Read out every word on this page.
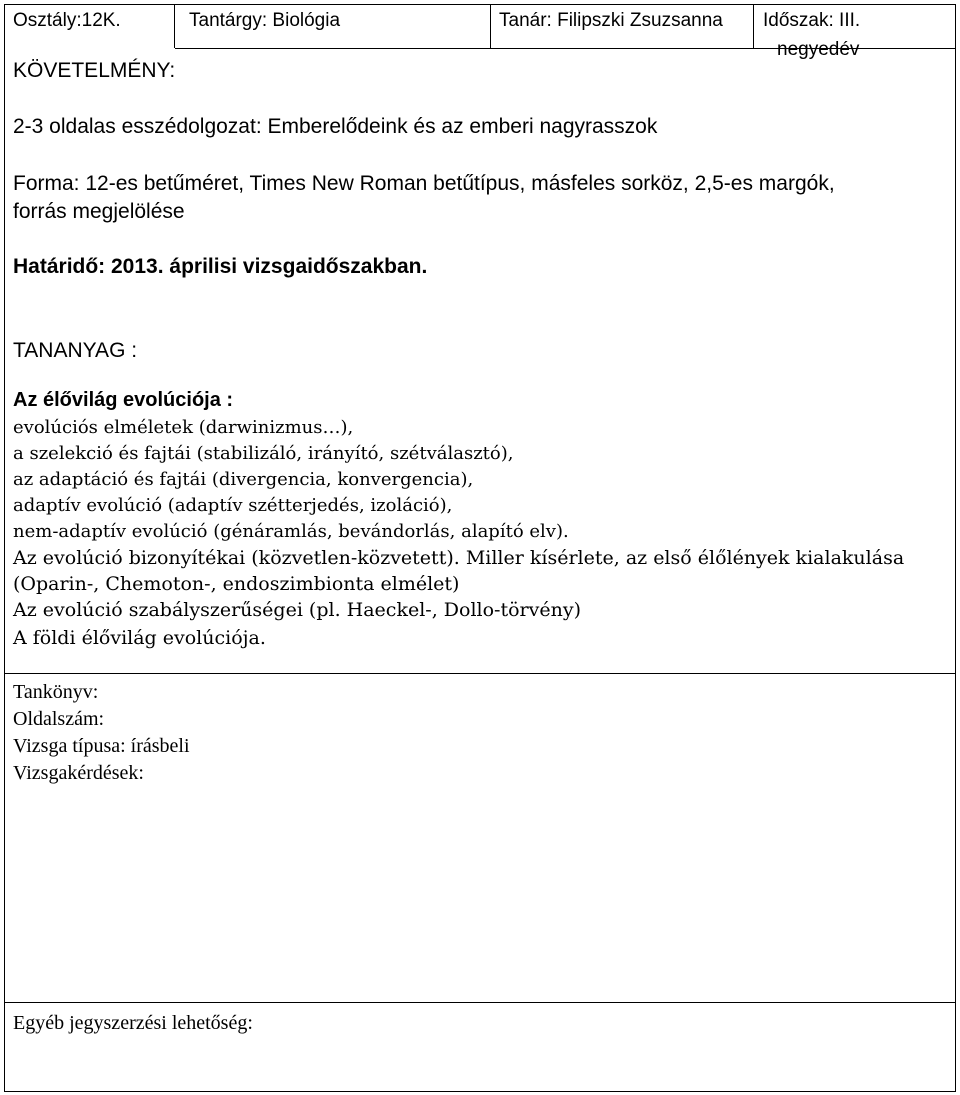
Osztály:12K.	Tantárgy: Biológia	Tanár: Filipszki Zsuzsanna Időszak: III.
negyedév
KÖVETELMÉNY:
2-3 oldalas esszédolgozat: Emberelődeink és az emberi nagyrasszok
Forma: 12-es betűméret, Times New Roman betűtípus, másfeles sorköz, 2,5-es margók,
forrás megjelölése
Határidő: 2013. áprilisi vizsgaidőszakban.
TANANYAG :
Az élővilág evolúciója :
evolúciós elméletek (darwinizmus…),
a szelekció és fajtái (stabilizáló, irányító, szétválasztó),
az adaptáció és fajtái (divergencia, konvergencia),
adaptív evolúció (adaptív szétterjedés, izoláció),
nem-adaptív evolúció (génáramlás, bevándorlás, alapító elv).
Az evolúció bizonyítékai (közvetlen-közvetett). Miller kísérlete, az első élőlények kialakulása
(Oparin-, Chemoton-, endoszimbionta elmélet)
Az evolúció szabályszerűségei (pl. Haeckel-, Dollo-törvény)
A földi élővilág evolúciója.
Tankönyv:
Oldalszám:
Vizsga típusa: írásbeli
Vizsgakérdések:
Egyéb jegyszerzési lehetőség:
